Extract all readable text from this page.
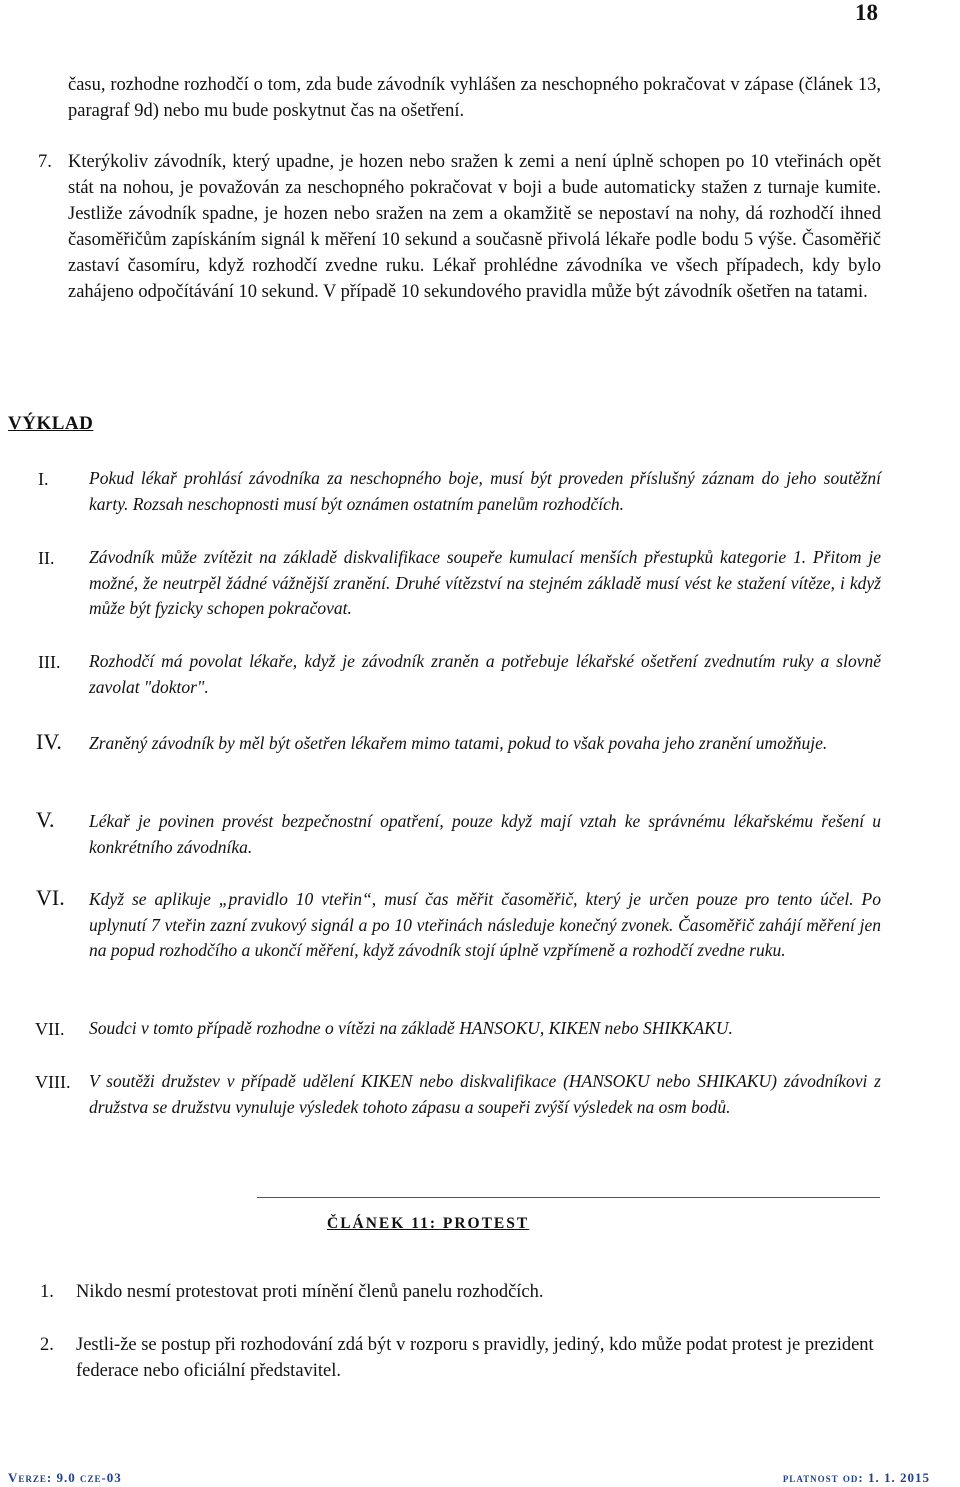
18
času, rozhodne rozhodčí o tom, zda bude závodník vyhlášen za neschopného pokračovat v zápase (článek 13, paragraf 9d) nebo mu bude poskytnut čas na ošetření.
7. Kterýkoliv závodník, který upadne, je hozen nebo sražen k zemi a není úplně schopen po 10 vteřinách opět stát na nohou, je považován za neschopného pokračovat v boji a bude automaticky stažen z turnaje kumite. Jestliže závodník spadne, je hozen nebo sražen na zem a okamžitě se nepostaví na nohy, dá rozhodčí ihned časoměřičům zapískáním signál k měření 10 sekund a současně přivolá lékaře podle bodu 5 výše. Časoměřič zastaví časomíru, když rozhodčí zvedne ruku. Lékař prohlédne závodníka ve všech případech, kdy bylo zahájeno odpočítávání 10 sekund. V případě 10 sekundového pravidla může být závodník ošetřen na tatami.
VÝKLAD
I. Pokud lékař prohlásí závodníka za neschopného boje, musí být proveden příslušný záznam do jeho soutěžní karty. Rozsah neschopnosti musí být oznámen ostatním panelům rozhodčích.
II. Závodník může zvítězit na základě diskvalifikace soupeře kumulací menších přestupků kategorie 1. Přitom je možné, že neutrpěl žádné vážnější zranění. Druhé vítězství na stejném základě musí vést ke stažení vítěze, i když může být fyzicky schopen pokračovat.
III. Rozhodčí má povolat lékaře, když je závodník zraněn a potřebuje lékařské ošetření zvednutím ruky a slovně zavolat "doktor".
IV. Zraněný závodník by měl být ošetřen lékařem mimo tatami, pokud to však povaha jeho zranění umožňuje.
V. Lékař je povinen provést bezpečnostní opatření, pouze když mají vztah ke správnému lékařskému řešení u konkrétního závodníka.
VI. Když se aplikuje „pravidlo 10 vteřin“, musí čas měřit časoměřič, který je určen pouze pro tento účel. Po uplynutí 7 vteřin zazní zvukový signál a po 10 vteřinách následuje konečný zvonek. Časoměřič zahájí měření jen na popud rozhodčího a ukončí měření, když závodník stojí úplně vzpřímeně a rozhodčí zvedne ruku.
VII. Soudci v tomto případě rozhodne o vítězi na základě HANSOKU, KIKEN nebo SHIKKAKU.
VIII. V soutěži družstev v případě udělení KIKEN nebo diskvalifikace (HANSOKU nebo SHIKAKU) závodníkovi z družstva se družstvu vynuluje výsledek tohoto zápasu a soupeři zvýší výsledek na osm bodů.
ČLÁNEK 11: PROTEST
1. Nikdo nesmí protestovat proti mínění členů panelu rozhodčích.
2. Jestli-že se postup při rozhodování zdá být v rozporu s pravidly, jediný, kdo může podat protest je prezident federace nebo oficiální představitel.
Verze: 9.0 cze-03	platnost od: 1. 1. 2015
